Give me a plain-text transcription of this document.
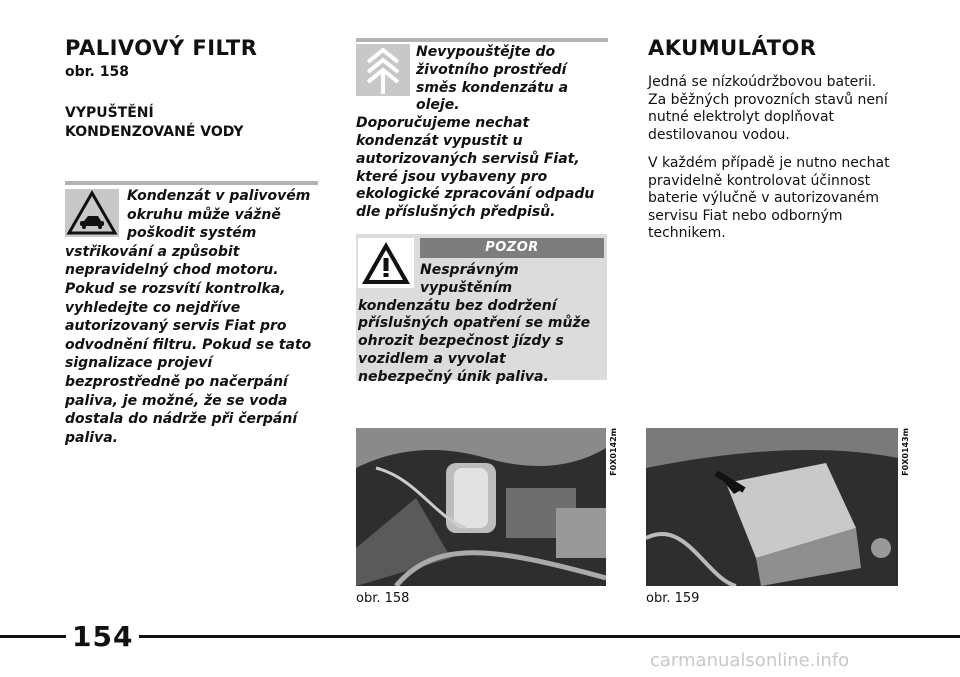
PALIVOVÝ FILTR
obr. 158
VYPUŠTĚNÍ
KONDENZOVANÉ VODY
Kondenzát v palivovém okruhu může vážně poškodit systém vstřikování a způsobit nepravidelný chod motoru. Pokud se rozsvítí kontrolka, vyhledejte co nejdříve autorizovaný servis Fiat pro odvodnění filtru. Pokud se tato signalizace projeví bezprostředně po načerpání paliva, je možné, že se voda dostala do nádrže při čerpání paliva.
Nevypouštějte do životního prostředí směs kondenzátu a oleje.
Doporučujeme nechat kondenzát vypustit u autorizovaných servisů Fiat, které jsou vybaveny pro ekologické zpracování odpadu dle příslušných předpisů.
POZOR
Nesprávným vypuštěním kondenzátu bez dodržení příslušných opatření se může ohrozit bezpečnost jízdy s vozidlem a vyvolat nebezpečný únik paliva.
AKUMULÁTOR

Jedná se nízkoúdržbovou baterii. Za běžných provozních stavů není nutné elektrolyt doplňovat destilovanou vodou.

V každém případě je nutno nechat pravidelně kontrolovat účinnost baterie výlučně v autorizovaném servisu Fiat nebo odborným technikem.

F0X0142m
obr. 158
F0X0143m
obr. 159
154
carmanualsonline.info
